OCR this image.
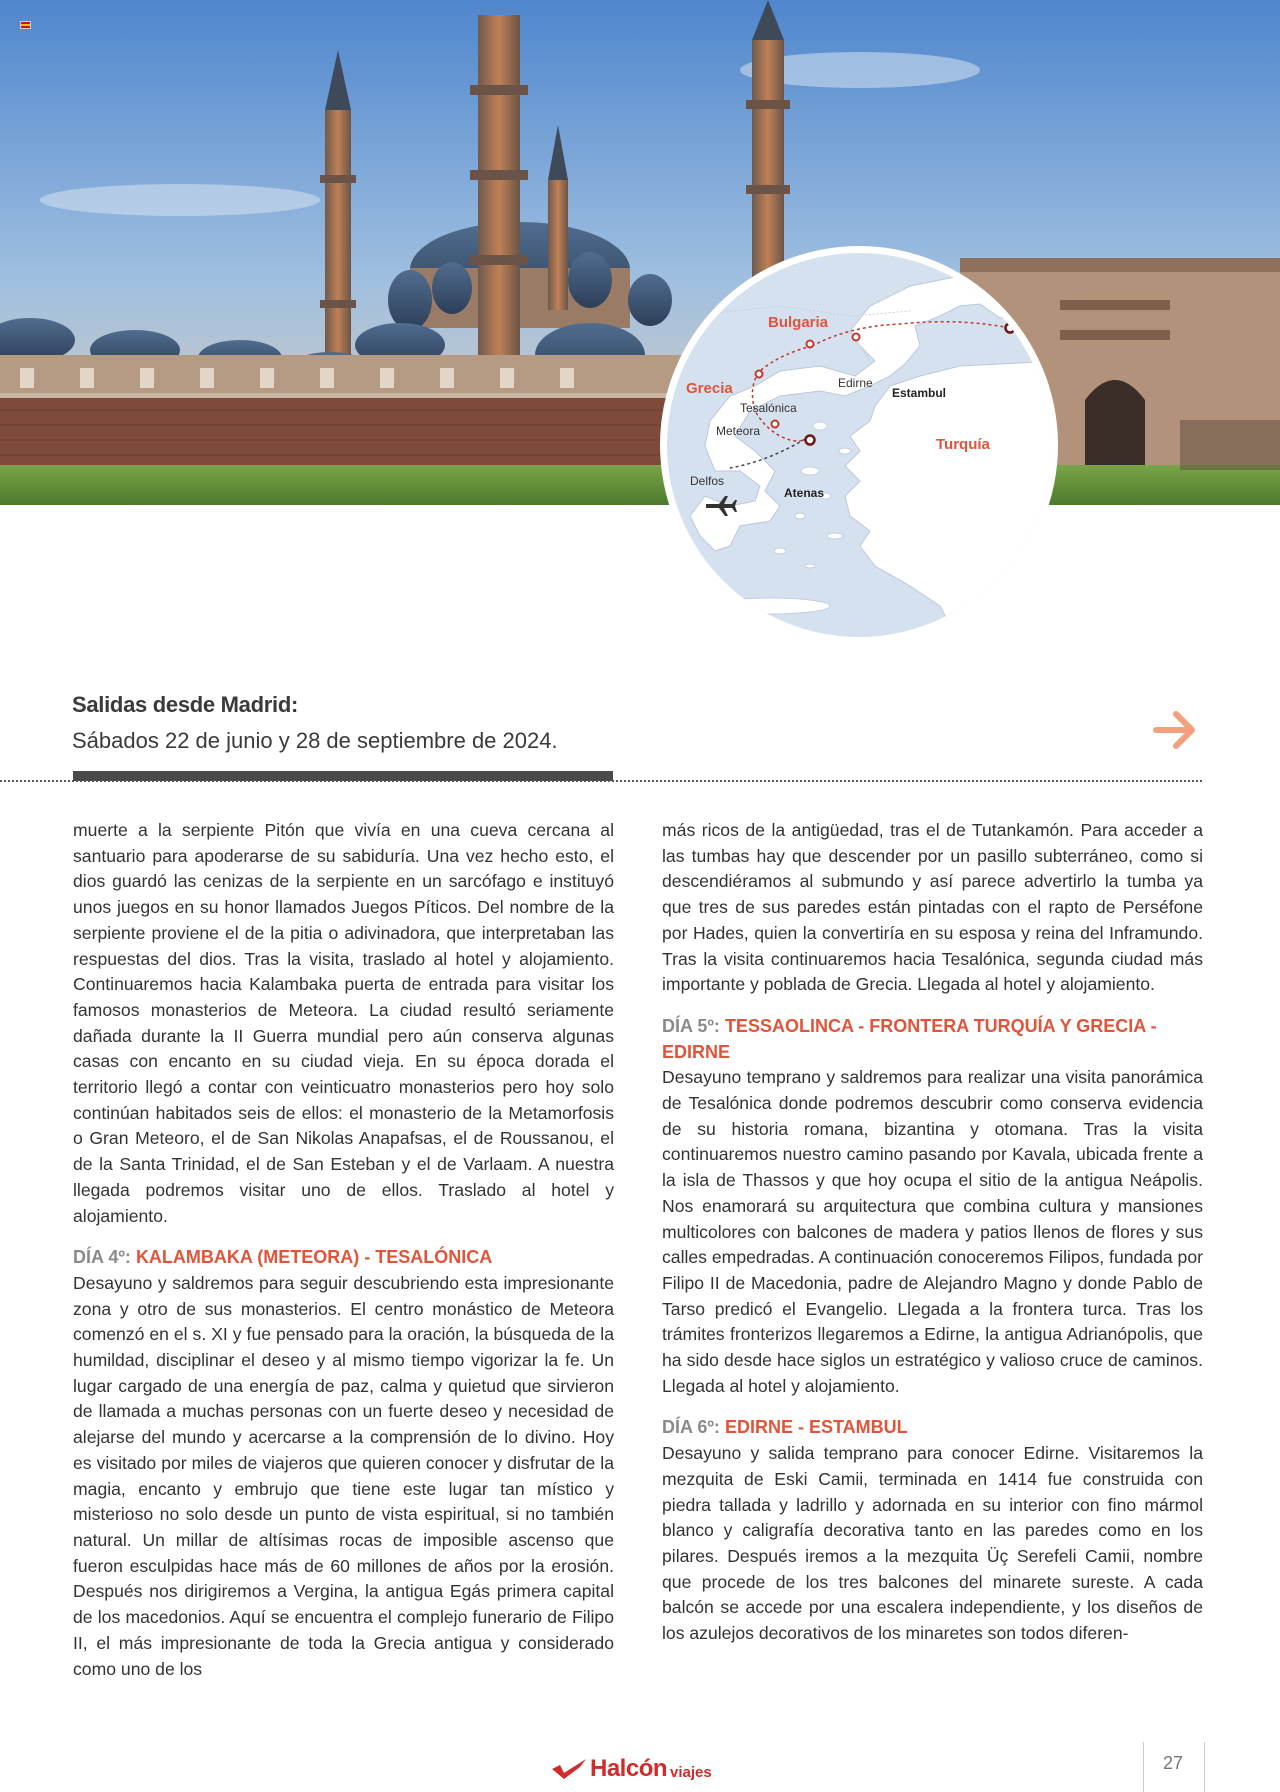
Bulgaria
Grecia
Turquía
Tesalónica
Meteora
Delfos
Atenas
Edirne
Estambul
Salidas desde Madrid:
Sábados 22 de junio y 28 de septiembre de 2024.

muerte a la serpiente Pitón que vivía en una cueva cercana al santuario para apoderarse de su sabiduría. Una vez hecho esto, el dios guardó las cenizas de la serpiente en un sarcófago e instituyó unos juegos en su honor llamados Juegos Píticos. Del nombre de la serpiente proviene el de la pitia o adivinadora, que interpretaban las respuestas del dios. Tras la visita, traslado al hotel y alojamiento. Continuaremos hacia Kalambaka puerta de entrada para visitar los famosos monasterios de Meteora. La ciudad resultó seriamente dañada durante la II Guerra mundial pero aún conserva algunas casas con encanto en su ciudad vieja. En su época dorada el territorio llegó a contar con veinticuatro monasterios pero hoy solo continúan habitados seis de ellos: el monasterio de la Metamorfosis o Gran Meteoro, el de San Nikolas Anapafsas, el de Roussanou, el de la Santa Trinidad, el de San Esteban y el de Varlaam. A nuestra llegada podremos visitar uno de ellos. Traslado al hotel y alojamiento.

DÍA 4º: KALAMBAKA (METEORA) - TESALÓNICA

Desayuno y saldremos para seguir descubriendo esta impresionante zona y otro de sus monasterios. El centro monástico de Meteora comenzó en el s. XI y fue pensado para la oración, la búsqueda de la humildad, disciplinar el deseo y al mismo tiempo vigorizar la fe. Un lugar cargado de una energía de paz, calma y quietud que sirvieron de llamada a muchas personas con un fuerte deseo y necesidad de alejarse del mundo y acercarse a la comprensión de lo divino. Hoy es visitado por miles de viajeros que quieren conocer y disfrutar de la magia, encanto y embrujo que tiene este lugar tan místico y misterioso no solo desde un punto de vista espiritual, si no también natural. Un millar de altísimas rocas de imposible ascenso que fueron esculpidas hace más de 60 millones de años por la erosión. Después nos dirigiremos a Vergina, la antigua Egás primera capital de los macedonios. Aquí se encuentra el complejo funerario de Filipo II, el más impresionante de toda la Grecia antigua y considerado como uno de los

más ricos de la antigüedad, tras el de Tutankamón. Para acceder a las tumbas hay que descender por un pasillo subterráneo, como si descendiéramos al submundo y así parece advertirlo la tumba ya que tres de sus paredes están pintadas con el rapto de Perséfone por Hades, quien la convertiría en su esposa y reina del Inframundo. Tras la visita continuaremos hacia Tesalónica, segunda ciudad más importante y poblada de Grecia. Llegada al hotel y alojamiento.

DÍA 5º: TESSAOLINCA - FRONTERA TURQUÍA Y GRECIA - EDIRNE

Desayuno temprano y saldremos para realizar una visita panorámica de Tesalónica donde podremos descubrir como conserva evidencia de su historia romana, bizantina y otomana. Tras la visita continuaremos nuestro camino pasando por Kavala, ubicada frente a la isla de Thassos y que hoy ocupa el sitio de la antigua Neápolis. Nos enamorará su arquitectura que combina cultura y mansiones multicolores con balcones de madera y patios llenos de flores y sus calles empedradas. A continuación conoceremos Filipos, fundada por Filipo II de Macedonia, padre de Alejandro Magno y donde Pablo de Tarso predicó el Evangelio. Llegada a la frontera turca. Tras los trámites fronterizos llegaremos a Edirne, la antigua Adrianópolis, que ha sido desde hace siglos un estratégico y valioso cruce de caminos. Llegada al hotel y alojamiento.

DÍA 6º: EDIRNE - ESTAMBUL

Desayuno y salida temprano para conocer Edirne. Visitaremos la mezquita de Eski Camii, terminada en 1414 fue construida con piedra tallada y ladrillo y adornada en su interior con fino mármol blanco y caligrafía decorativa tanto en las paredes como en los pilares. Después iremos a la mezquita Üç Serefeli Camii, nombre que procede de los tres balcones del minarete sureste. A cada balcón se accede por una escalera independiente, y los diseños de los azulejos decorativos de los minaretes son todos diferen-

Halcón viajes	27
